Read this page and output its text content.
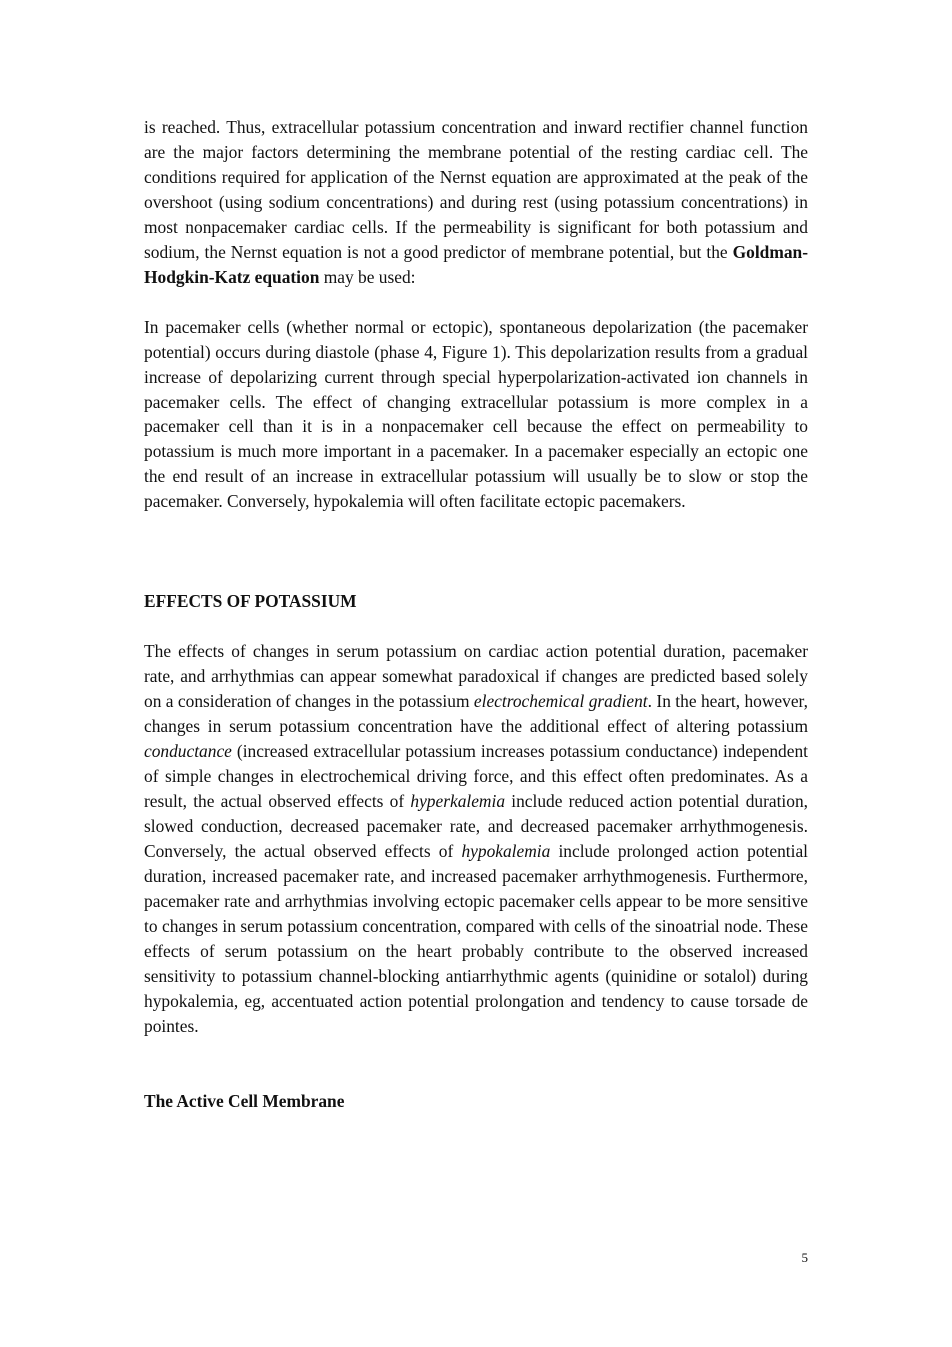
is reached. Thus, extracellular potassium concentration and inward rectifier channel function are the major factors determining the membrane potential of the resting cardiac cell. The conditions required for application of the Nernst equation are approximated at the peak of the overshoot (using sodium concentrations) and during rest (using potassium concentrations) in most nonpacemaker cardiac cells. If the permeability is significant for both potassium and sodium, the Nernst equation is not a good predictor of membrane potential, but the Goldman-Hodgkin-Katz equation may be used:

In pacemaker cells (whether normal or ectopic), spontaneous depolarization (the pacemaker potential) occurs during diastole (phase 4, Figure 1). This depolarization results from a gradual increase of depolarizing current through special hyperpolarization-activated ion channels in pacemaker cells. The effect of changing extracellular potassium is more complex in a pacemaker cell than it is in a nonpacemaker cell because the effect on permeability to potassium is much more important in a pacemaker. In a pacemaker especially an ectopic one the end result of an increase in extracellular potassium will usually be to slow or stop the pacemaker. Conversely, hypokalemia will often facilitate ectopic pacemakers.

EFFECTS OF POTASSIUM

The effects of changes in serum potassium on cardiac action potential duration, pacemaker rate, and arrhythmias can appear somewhat paradoxical if changes are predicted based solely on a consideration of changes in the potassium electrochemical gradient. In the heart, however, changes in serum potassium concentration have the additional effect of altering potassium conductance (increased extracellular potassium increases potassium conductance) independent of simple changes in electrochemical driving force, and this effect often predominates. As a result, the actual observed effects of hyperkalemia include reduced action potential duration, slowed conduction, decreased pacemaker rate, and decreased pacemaker arrhythmogenesis. Conversely, the actual observed effects of hypokalemia include prolonged action potential duration, increased pacemaker rate, and increased pacemaker arrhythmogenesis. Furthermore, pacemaker rate and arrhythmias involving ectopic pacemaker cells appear to be more sensitive to changes in serum potassium concentration, compared with cells of the sinoatrial node. These effects of serum potassium on the heart probably contribute to the observed increased sensitivity to potassium channel-blocking antiarrhythmic agents (quinidine or sotalol) during hypokalemia, eg, accentuated action potential prolongation and tendency to cause torsade de pointes.

The Active Cell Membrane

5
